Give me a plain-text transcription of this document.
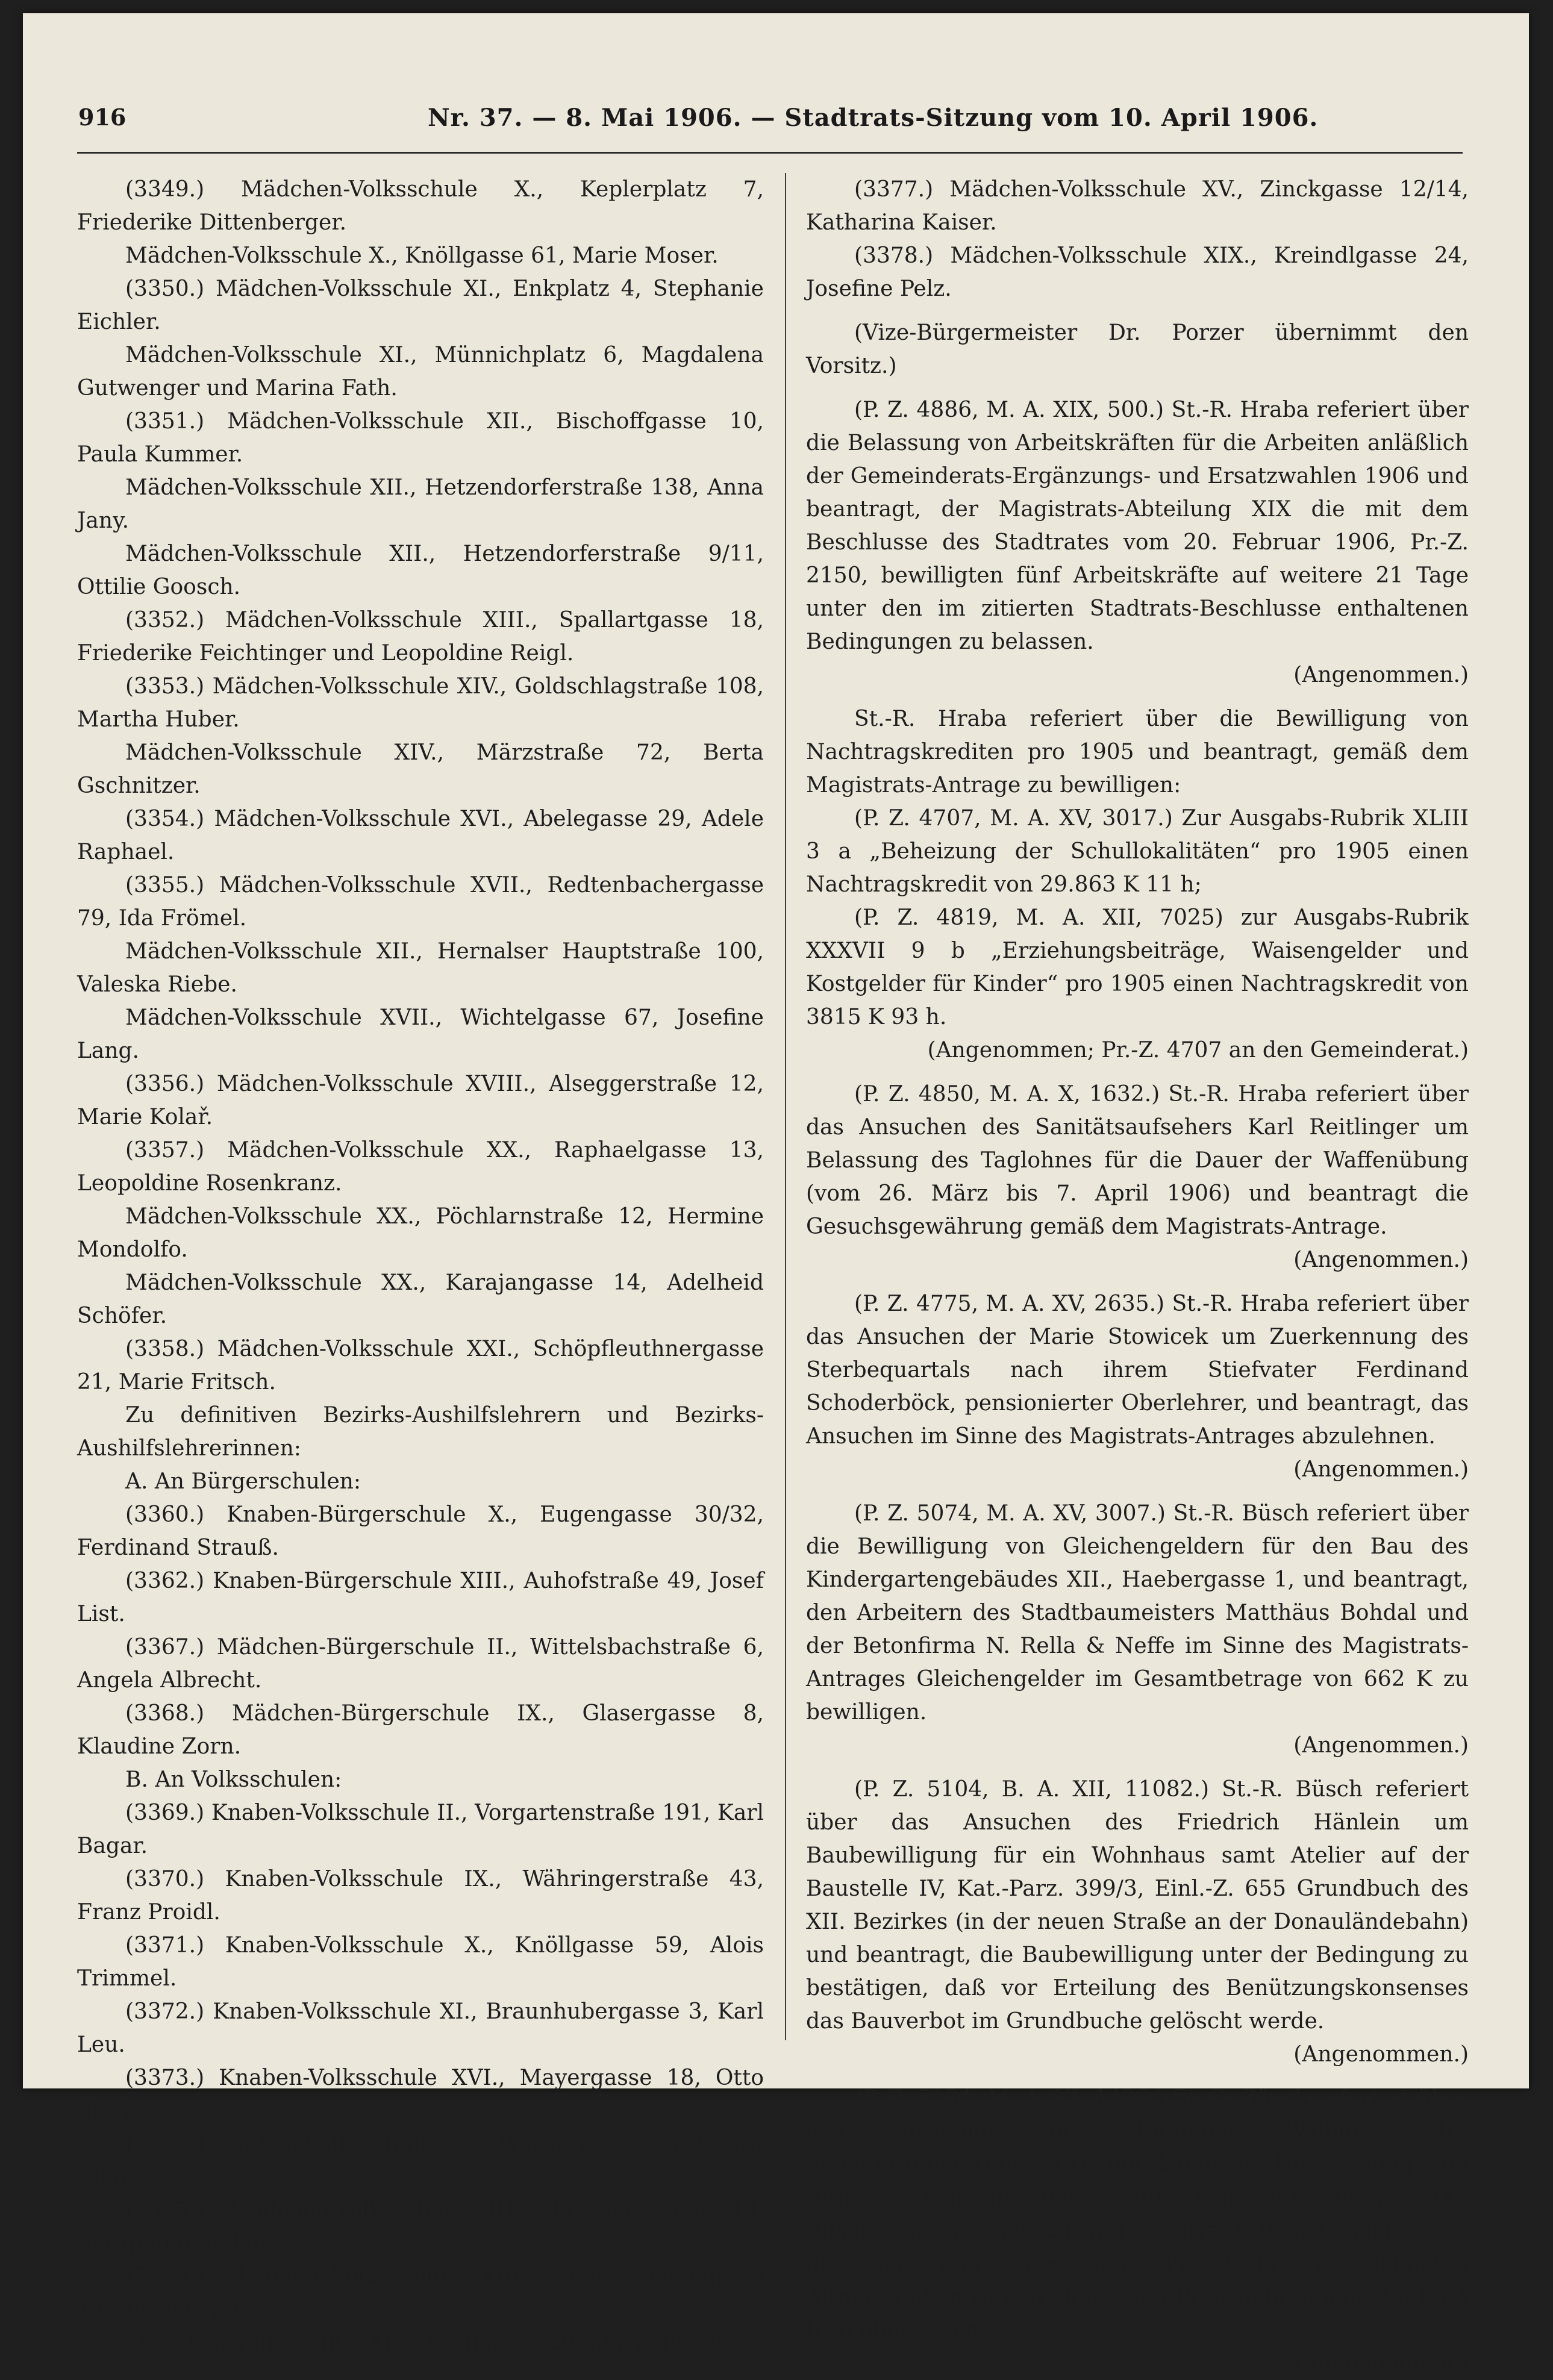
916	Nr. 37. — 8. Mai 1906. — Stadtrats-Sitzung vom 10. April 1906.

(3349.) Mädchen-Volksschule X., Keplerplatz 7, Friederike Dittenberger.

Mädchen-Volksschule X., Knöllgasse 61, Marie Moser.

(3350.) Mädchen-Volksschule XI., Enkplatz 4, Stephanie Eichler.

Mädchen-Volksschule XI., Münnichplatz 6, Magdalena Gutwenger und Marina Fath.

(3351.) Mädchen-Volksschule XII., Bischoffgasse 10, Paula Kummer.

Mädchen-Volksschule XII., Hetzendorferstraße 138, Anna Jany.

Mädchen-Volksschule XII., Hetzendorferstraße 9/11, Ottilie Goosch.

(3352.) Mädchen-Volksschule XIII., Spallartgasse 18, Friederike Feichtinger und Leopoldine Reigl.

(3353.) Mädchen-Volksschule XIV., Goldschlagstraße 108, Martha Huber.

Mädchen-Volksschule XIV., Märzstraße 72, Berta Gschnitzer.

(3354.) Mädchen-Volksschule XVI., Abelegasse 29, Adele Raphael.

(3355.) Mädchen-Volksschule XVII., Redtenbachergasse 79, Ida Frömel.

Mädchen-Volksschule XII., Hernalser Hauptstraße 100, Valeska Riebe.

Mädchen-Volksschule XVII., Wichtelgasse 67, Josefine Lang.

(3356.) Mädchen-Volksschule XVIII., Alseggerstraße 12, Marie Kolař.

(3357.) Mädchen-Volksschule XX., Raphaelgasse 13, Leopoldine Rosenkranz.

Mädchen-Volksschule XX., Pöchlarnstraße 12, Hermine Mondolfo.

Mädchen-Volksschule XX., Karajangasse 14, Adelheid Schöfer.

(3358.) Mädchen-Volksschule XXI., Schöpfleuthnergasse 21, Marie Fritsch.

Zu definitiven Bezirks-Aushilfslehrern und Bezirks-Aushilfslehrerinnen:

A. An Bürgerschulen:

(3360.) Knaben-Bürgerschule X., Eugengasse 30/32, Ferdinand Strauß.

(3362.) Knaben-Bürgerschule XIII., Auhofstraße 49, Josef List.

(3367.) Mädchen-Bürgerschule II., Wittelsbachstraße 6, Angela Albrecht.

(3368.) Mädchen-Bürgerschule IX., Glasergasse 8, Klaudine Zorn.

B. An Volksschulen:

(3369.) Knaben-Volksschule II., Vorgartenstraße 191, Karl Bagar.

(3370.) Knaben-Volksschule IX., Währingerstraße 43, Franz Proidl.

(3371.) Knaben-Volksschule X., Knöllgasse 59, Alois Trimmel.

(3372.) Knaben-Volksschule XI., Braunhubergasse 3, Karl Leu.

(3373.) Knaben-Volksschule XVI., Mayergasse 18, Otto Stark.

(3374.) Knaben-Volksschule XX., Wasnergasse 33, Georg Klaus.

(3375.) Mädchen-Volksschule III., Reisnerstraße 43, Seraphine Ballan.

(3376.) Mädchen-Volksschule XIII., Siebeneichengasse 17, Aloisia Weil.

Mädchen-Volksschule XIV., Kröllgasse 20, Marie Fuchs.

(3377.) Mädchen-Volksschule XV., Zinckgasse 12/14, Katharina Kaiser.

(3378.) Mädchen-Volksschule XIX., Kreindlgasse 24, Josefine Pelz.

(Vize-Bürgermeister Dr. Porzer übernimmt den Vorsitz.)

(P. Z. 4886, M. A. XIX, 500.) St.-R. Hraba referiert über die Belassung von Arbeitskräften für die Arbeiten anläßlich der Gemeinderats-Ergänzungs- und Ersatzwahlen 1906 und beantragt, der Magistrats-Abteilung XIX die mit dem Beschlusse des Stadtrates vom 20. Februar 1906, Pr.-Z. 2150, bewilligten fünf Arbeitskräfte auf weitere 21 Tage unter den im zitierten Stadtrats-Beschlusse enthaltenen Bedingungen zu belassen.
(Angenommen.)

St.-R. Hraba referiert über die Bewilligung von Nachtragskrediten pro 1905 und beantragt, gemäß dem Magistrats-Antrage zu bewilligen:

(P. Z. 4707, M. A. XV, 3017.) Zur Ausgabs-Rubrik XLIII 3 a „Beheizung der Schullokalitäten“ pro 1905 einen Nachtragskredit von 29.863 K 11 h;

(P. Z. 4819, M. A. XII, 7025) zur Ausgabs-Rubrik XXXVII 9 b „Erziehungsbeiträge, Waisengelder und Kostgelder für Kinder“ pro 1905 einen Nachtragskredit von 3815 K 93 h.
(Angenommen; Pr.-Z. 4707 an den Gemeinderat.)

(P. Z. 4850, M. A. X, 1632.) St.-R. Hraba referiert über das Ansuchen des Sanitätsaufsehers Karl Reitlinger um Belassung des Taglohnes für die Dauer der Waffenübung (vom 26. März bis 7. April 1906) und beantragt die Gesuchsgewährung gemäß dem Magistrats-Antrage.
(Angenommen.)

(P. Z. 4775, M. A. XV, 2635.) St.-R. Hraba referiert über das Ansuchen der Marie Stowicek um Zuerkennung des Sterbequartals nach ihrem Stiefvater Ferdinand Schoderböck, pensionierter Oberlehrer, und beantragt, das Ansuchen im Sinne des Magistrats-Antrages abzulehnen.
(Angenommen.)

(P. Z. 5074, M. A. XV, 3007.) St.-R. Büsch referiert über die Bewilligung von Gleichengeldern für den Bau des Kindergartengebäudes XII., Haebergasse 1, und beantragt, den Arbeitern des Stadtbaumeisters Matthäus Bohdal und der Betonfirma N. Rella & Neffe im Sinne des Magistrats-Antrages Gleichengelder im Gesamtbetrage von 662 K zu bewilligen.
(Angenommen.)

(P. Z. 5104, B. A. XII, 11082.) St.-R. Büsch referiert über das Ansuchen des Friedrich Hänlein um Baubewilligung für ein Wohnhaus samt Atelier auf der Baustelle IV, Kat.-Parz. 399/3, Einl.-Z. 655 Grundbuch des XII. Bezirkes (in der neuen Straße an der Donauländebahn) und beantragt, die Baubewilligung unter der Bedingung zu bestätigen, daß vor Erteilung des Benützungskonsenses das Bauverbot im Grundbuche gelöscht werde.
(Angenommen.)

(P. Z. 5134, M. A. VI, 1426.) St.-R. Büsch referiert über das Ansuchen des Raimund Wallner, XII., Schönbrunnerstraße 181 um käufliche Überlassung von Altmaterialien aus dem städtischen Materialdepot IX., Elisabethpromenade 23 und beantragt, dem Gesuchsteller die im angeschlossenen Protokolle verzeichneten Altmaterialien zu den offerierten Preisen in Summe 96 K 64 h zu überlassen.
(Angenommen.)
